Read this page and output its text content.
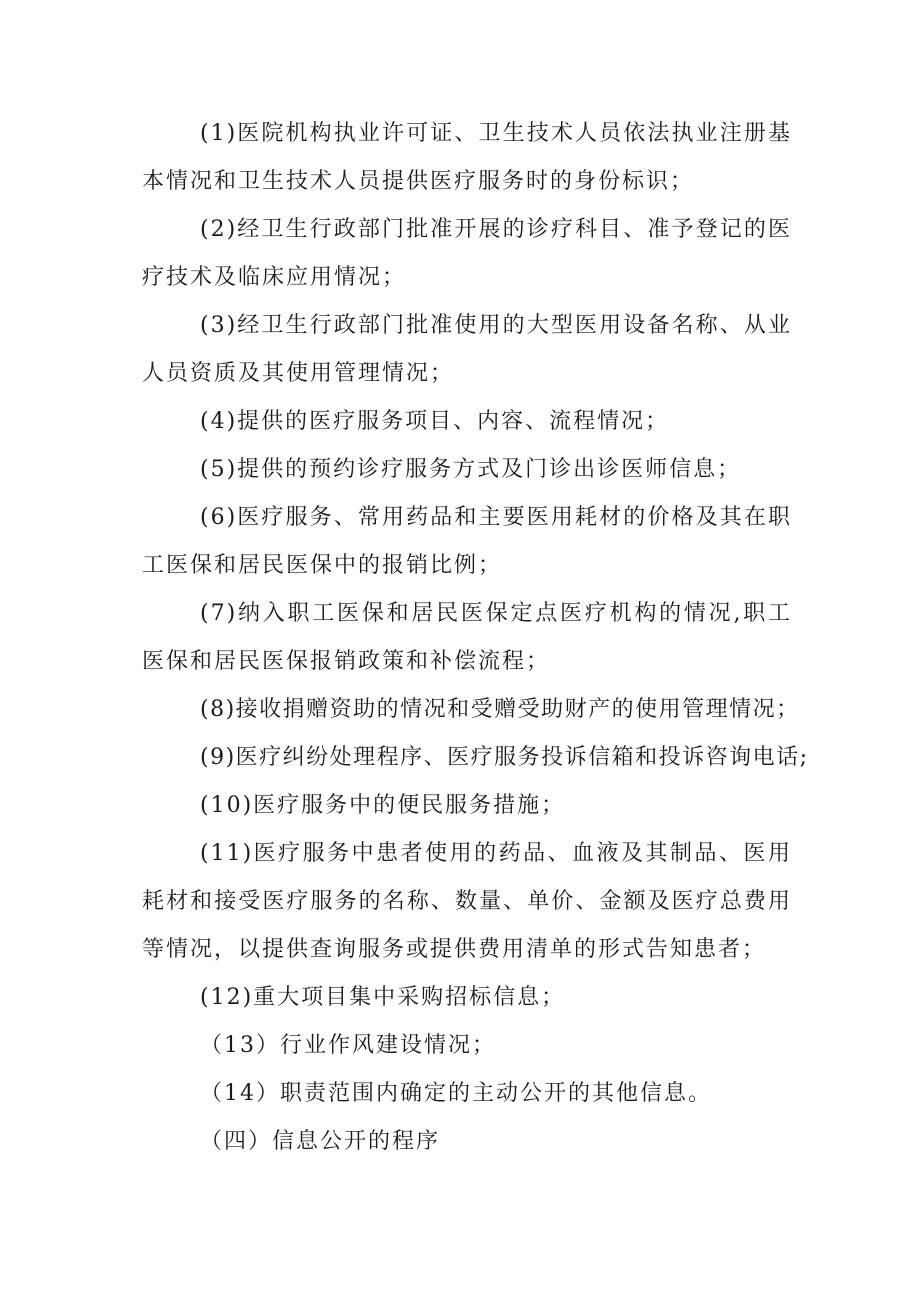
(1)医院机构执业许可证、卫生技术人员依法执业注册基本情况和卫生技术人员提供医疗服务时的身份标识；

(2)经卫生行政部门批准开展的诊疗科目、准予登记的医疗技术及临床应用情况；

(3)经卫生行政部门批准使用的大型医用设备名称、从业人员资质及其使用管理情况；

(4)提供的医疗服务项目、内容、流程情况；

(5)提供的预约诊疗服务方式及门诊出诊医师信息；

(6)医疗服务、常用药品和主要医用耗材的价格及其在职工医保和居民医保中的报销比例；

(7)纳入职工医保和居民医保定点医疗机构的情况,职工医保和居民医保报销政策和补偿流程；

(8)接收捐赠资助的情况和受赠受助财产的使用管理情况；

(9)医疗纠纷处理程序、医疗服务投诉信箱和投诉咨询电话;

(10)医疗服务中的便民服务措施；

(11)医疗服务中患者使用的药品、血液及其制品、医用耗材和接受医疗服务的名称、数量、单价、金额及医疗总费用等情况，以提供查询服务或提供费用清单的形式告知患者；

(12)重大项目集中采购招标信息；

（13）行业作风建设情况；

（14）职责范围内确定的主动公开的其他信息。

（四）信息公开的程序
